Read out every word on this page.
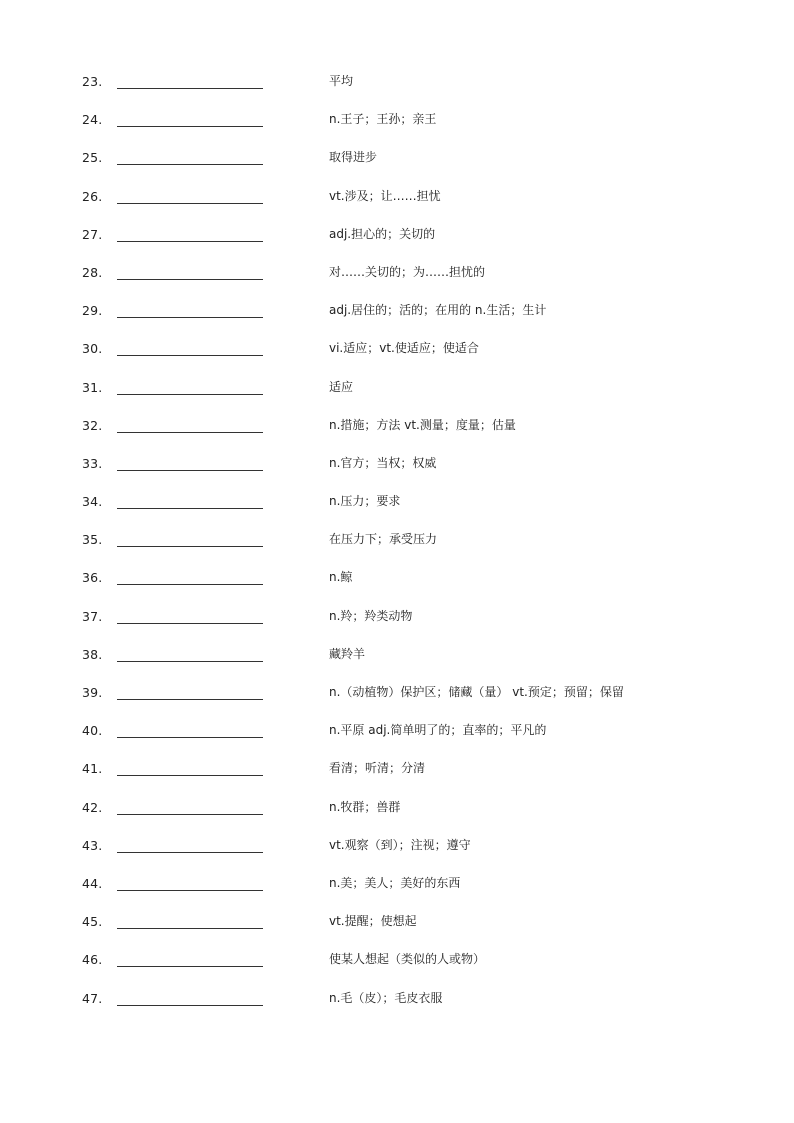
23.	平均
24.	n.王子；王孙；亲王
25.	取得进步
26.	vt.涉及；让……担忧
27.	adj.担心的；关切的
28.	对……关切的；为……担忧的
29.	adj.居住的；活的；在用的 n.生活；生计
30.	vi.适应；vt.使适应；使适合
31.	适应
32.	n.措施；方法 vt.测量；度量；估量
33.	n.官方；当权；权威
34.	n.压力；要求
35.	在压力下；承受压力
36.	n.鲸
37.	n.羚；羚类动物
38.	藏羚羊
39.	n.（动植物）保护区；储藏（量） vt.预定；预留；保留
40.	n.平原 adj.简单明了的；直率的；平凡的
41.	看清；听清；分清
42.	n.牧群；兽群
43.	vt.观察（到）；注视；遵守
44.	n.美；美人；美好的东西
45.	vt.提醒；使想起
46.	使某人想起（类似的人或物）
47.	n.毛（皮）；毛皮衣服
